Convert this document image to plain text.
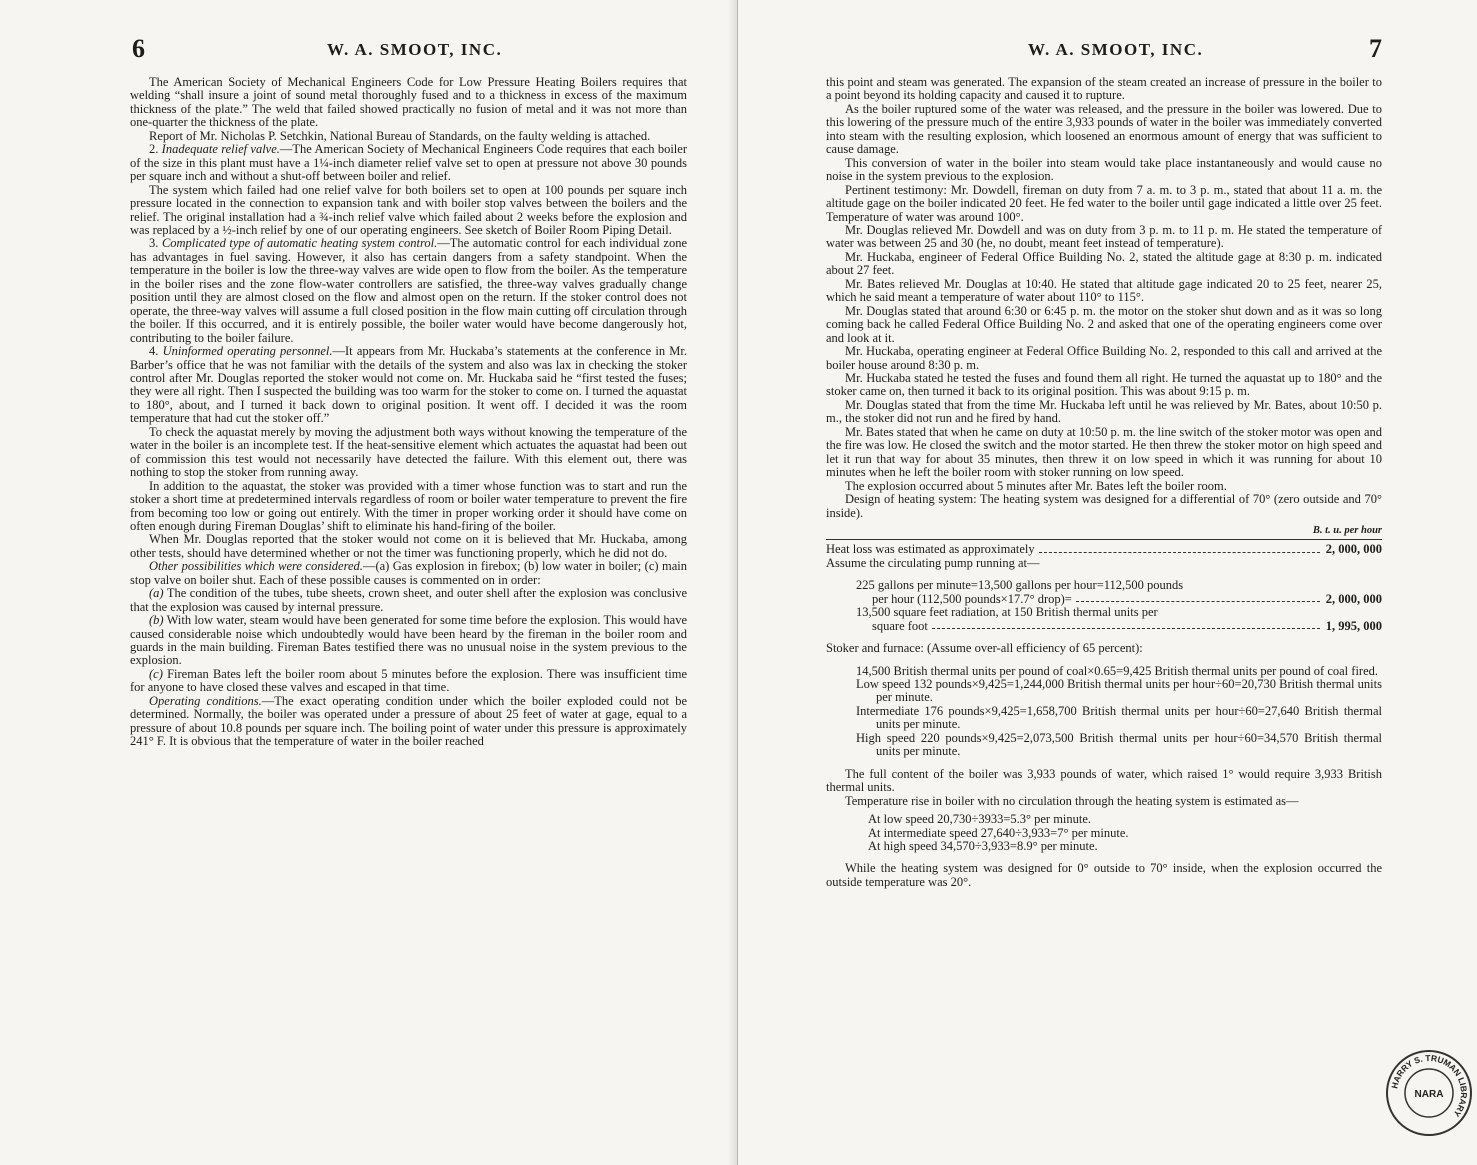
6	W. A. SMOOT, INC.

The American Society of Mechanical Engineers Code for Low Pressure Heating Boilers requires that welding “shall insure a joint of sound metal thoroughly fused and to a thickness in excess of the maximum thickness of the plate.” The weld that failed showed practically no fusion of metal and it was not more than one-quarter the thickness of the plate.

Report of Mr. Nicholas P. Setchkin, National Bureau of Standards, on the faulty welding is attached.

2. Inadequate relief valve.—The American Society of Mechanical Engineers Code requires that each boiler of the size in this plant must have a 1¼-inch diameter relief valve set to open at pressure not above 30 pounds per square inch and without a shut-off between boiler and relief.

The system which failed had one relief valve for both boilers set to open at 100 pounds per square inch pressure located in the connection to expansion tank and with boiler stop valves between the boilers and the relief. The original installation had a ¾-inch relief valve which failed about 2 weeks before the explosion and was replaced by a ½-inch relief by one of our operating engineers. See sketch of Boiler Room Piping Detail.

3. Complicated type of automatic heating system control.—The automatic control for each individual zone has advantages in fuel saving. However, it also has certain dangers from a safety standpoint. When the temperature in the boiler is low the three-way valves are wide open to flow from the boiler. As the temperature in the boiler rises and the zone flow-water controllers are satisfied, the three-way valves gradually change position until they are almost closed on the flow and almost open on the return. If the stoker control does not operate, the three-way valves will assume a full closed position in the flow main cutting off circulation through the boiler. If this occurred, and it is entirely possible, the boiler water would have become dangerously hot, contributing to the boiler failure.

4. Uninformed operating personnel.—It appears from Mr. Huckaba’s statements at the conference in Mr. Barber’s office that he was not familiar with the details of the system and also was lax in checking the stoker control after Mr. Douglas reported the stoker would not come on. Mr. Huckaba said he “first tested the fuses; they were all right. Then I suspected the building was too warm for the stoker to come on. I turned the aquastat to 180°, about, and I turned it back down to original position. It went off. I decided it was the room temperature that had cut the stoker off.”

To check the aquastat merely by moving the adjustment both ways without knowing the temperature of the water in the boiler is an incomplete test. If the heat-sensitive element which actuates the aquastat had been out of commission this test would not necessarily have detected the failure. With this element out, there was nothing to stop the stoker from running away.

In addition to the aquastat, the stoker was provided with a timer whose function was to start and run the stoker a short time at predetermined intervals regardless of room or boiler water temperature to prevent the fire from becoming too low or going out entirely. With the timer in proper working order it should have come on often enough during Fireman Douglas’ shift to eliminate his hand-firing of the boiler.

When Mr. Douglas reported that the stoker would not come on it is believed that Mr. Huckaba, among other tests, should have determined whether or not the timer was functioning properly, which he did not do.

Other possibilities which were considered.—(a) Gas explosion in firebox; (b) low water in boiler; (c) main stop valve on boiler shut. Each of these possible causes is commented on in order:

(a) The condition of the tubes, tube sheets, crown sheet, and outer shell after the explosion was conclusive that the explosion was caused by internal pressure.

(b) With low water, steam would have been generated for some time before the explosion. This would have caused considerable noise which undoubtedly would have been heard by the fireman in the boiler room and guards in the main building. Fireman Bates testified there was no unusual noise in the system previous to the explosion.

(c) Fireman Bates left the boiler room about 5 minutes before the explosion. There was insufficient time for anyone to have closed these valves and escaped in that time.

Operating conditions.—The exact operating condition under which the boiler exploded could not be determined. Normally, the boiler was operated under a pressure of about 25 feet of water at gage, equal to a pressure of about 10.8 pounds per square inch. The boiling point of water under this pressure is approximately 241° F. It is obvious that the temperature of water in the boiler reached

W. A. SMOOT, INC.	7

this point and steam was generated. The expansion of the steam created an increase of pressure in the boiler to a point beyond its holding capacity and caused it to rupture.

As the boiler ruptured some of the water was released, and the pressure in the boiler was lowered. Due to this lowering of the pressure much of the entire 3,933 pounds of water in the boiler was immediately converted into steam with the resulting explosion, which loosened an enormous amount of energy that was sufficient to cause damage.

This conversion of water in the boiler into steam would take place instantaneously and would cause no noise in the system previous to the explosion.

Pertinent testimony: Mr. Dowdell, fireman on duty from 7 a. m. to 3 p. m., stated that about 11 a. m. the altitude gage on the boiler indicated 20 feet. He fed water to the boiler until gage indicated a little over 25 feet. Temperature of water was around 100°.

Mr. Douglas relieved Mr. Dowdell and was on duty from 3 p. m. to 11 p. m. He stated the temperature of water was between 25 and 30 (he, no doubt, meant feet instead of temperature).

Mr. Huckaba, engineer of Federal Office Building No. 2, stated the altitude gage at 8:30 p. m. indicated about 27 feet.

Mr. Bates relieved Mr. Douglas at 10:40. He stated that altitude gage indicated 20 to 25 feet, nearer 25, which he said meant a temperature of water about 110° to 115°.

Mr. Douglas stated that around 6:30 or 6:45 p. m. the motor on the stoker shut down and as it was so long coming back he called Federal Office Building No. 2 and asked that one of the operating engineers come over and look at it.

Mr. Huckaba, operating engineer at Federal Office Building No. 2, responded to this call and arrived at the boiler house around 8:30 p. m.

Mr. Huckaba stated he tested the fuses and found them all right. He turned the aquastat up to 180° and the stoker came on, then turned it back to its original position. This was about 9:15 p. m.

Mr. Douglas stated that from the time Mr. Huckaba left until he was relieved by Mr. Bates, about 10:50 p. m., the stoker did not run and he fired by hand.

Mr. Bates stated that when he came on duty at 10:50 p. m. the line switch of the stoker motor was open and the fire was low. He closed the switch and the motor started. He then threw the stoker motor on high speed and let it run that way for about 35 minutes, then threw it on low speed in which it was running for about 10 minutes when he left the boiler room with stoker running on low speed.

The explosion occurred about 5 minutes after Mr. Bates left the boiler room.

Design of heating system: The heating system was designed for a differential of 70° (zero outside and 70° inside).

B. t. u. per hour
Heat loss was estimated as approximately	2, 000, 000
Assume the circulating pump running at—
225 gallons per minute=13,500 gallons per hour=112,500 pounds
per hour (112,500 pounds×17.7° drop)=	2, 000, 000
13,500 square feet radiation, at 150 British thermal units per
square foot	1, 995, 000
Stoker and furnace: (Assume over-all efficiency of 65 percent):
14,500 British thermal units per pound of coal×0.65=9,425 British thermal units per pound of coal fired.
Low speed 132 pounds×9,425=1,244,000 British thermal units per hour÷60=20,730 British thermal units per minute.
Intermediate 176 pounds×9,425=1,658,700 British thermal units per hour÷60=27,640 British thermal units per minute.
High speed 220 pounds×9,425=2,073,500 British thermal units per hour÷60=34,570 British thermal units per minute.

The full content of the boiler was 3,933 pounds of water, which raised 1° would require 3,933 British thermal units.

Temperature rise in boiler with no circulation through the heating system is estimated as—

At low speed 20,730÷3933=5.3° per minute.
At intermediate speed 27,640÷3,933=7° per minute.
At high speed 34,570÷3,933=8.9° per minute.

While the heating system was designed for 0° outside to 70° inside, when the explosion occurred the outside temperature was 20°.

HARRY S. TRUMAN LIBRARY
NARA
